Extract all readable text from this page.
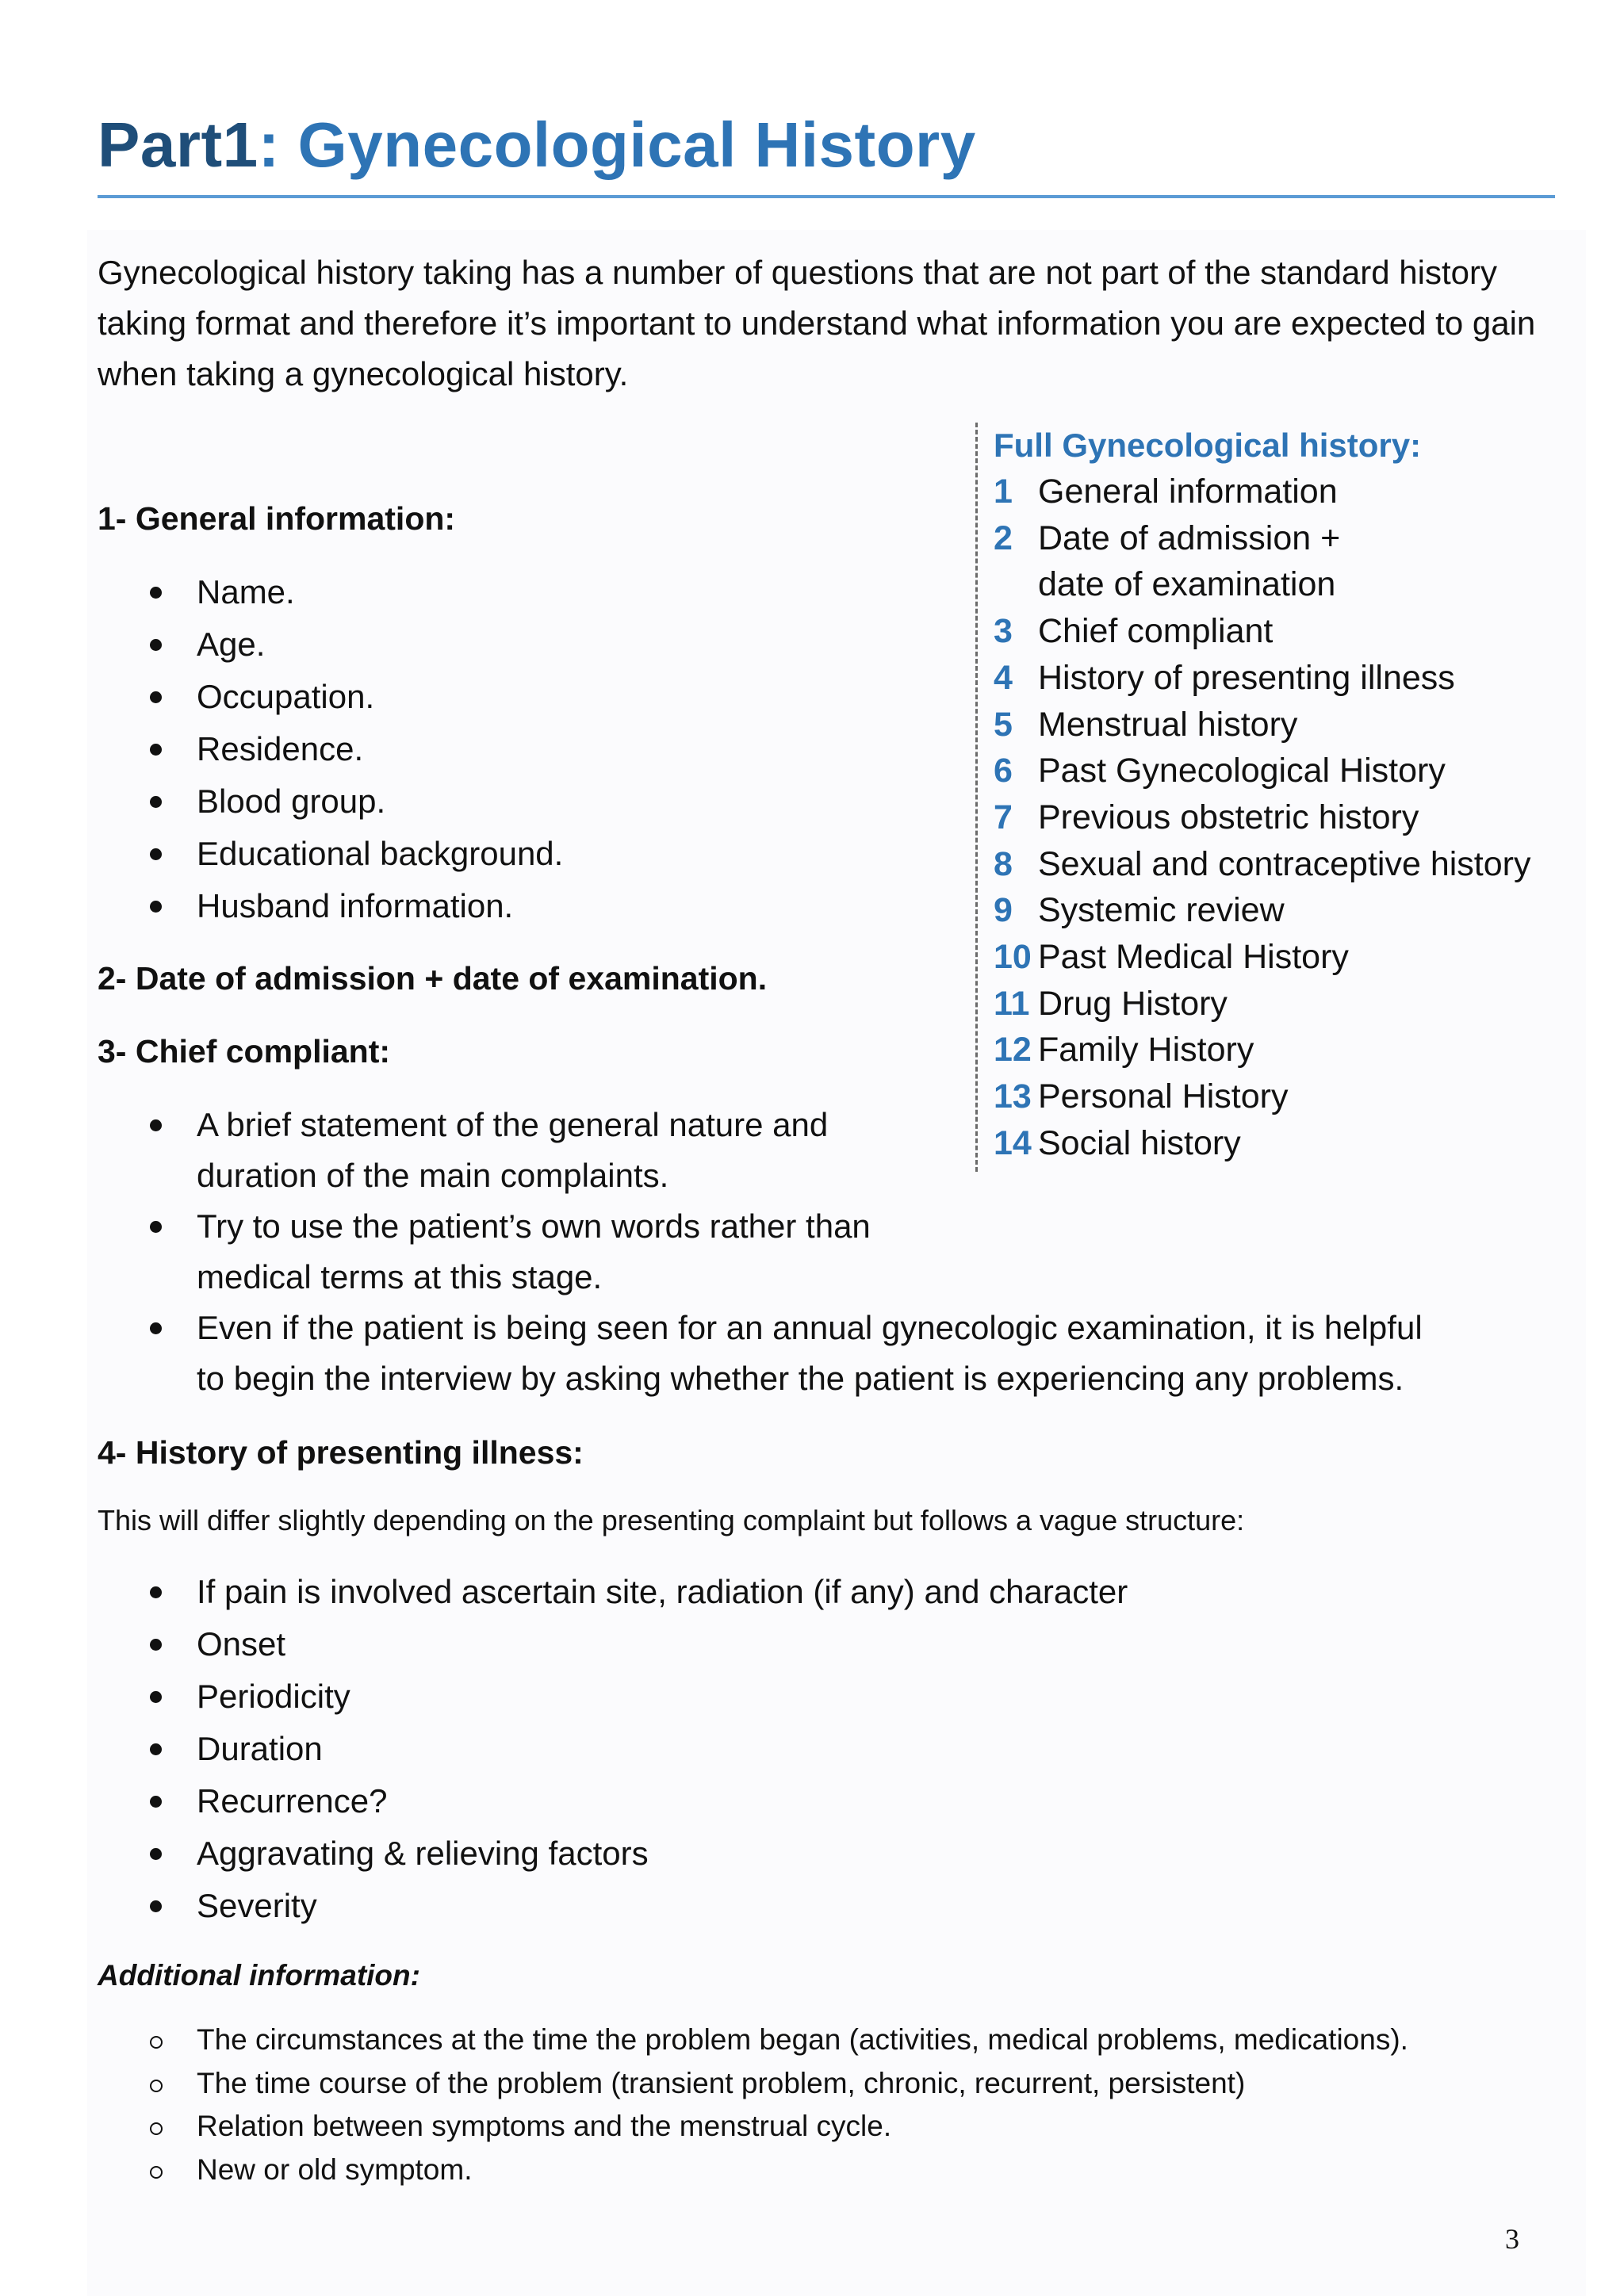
Part1: Gynecological History

Gynecological history taking has a number of questions that are not part of the standard history taking format and therefore it’s important to understand what information you are expected to gain when taking a gynecological history.

Full Gynecological history:

1 General information
2 Date of admission +
date of examination
3 Chief compliant
4 History of presenting illness
5 Menstrual history
6 Past Gynecological History
7 Previous obstetric history
8 Sexual and contraceptive history
9 Systemic review
10 Past Medical History
11 Drug History
12 Family History
13 Personal History
14 Social history
1- General information:
Name.
Age.
Occupation.
Residence.
Blood group.
Educational background.
Husband information.
2- Date of admission + date of examination.
3- Chief compliant:
A brief statement of the general nature and
duration of the main complaints.
Try to use the patient’s own words rather than
medical terms at this stage.
Even if the patient is being seen for an annual gynecologic examination, it is helpful
to begin the interview by asking whether the patient is experiencing any problems.
4- History of presenting illness:

This will differ slightly depending on the presenting complaint but follows a vague structure:

If pain is involved ascertain site, radiation (if any) and character
Onset
Periodicity
Duration
Recurrence?
Aggravating & relieving factors
Severity

Additional information:

The circumstances at the time the problem began (activities, medical problems, medications).
The time course of the problem (transient problem, chronic, recurrent, persistent)
Relation between symptoms and the menstrual cycle.
New or old symptom.
3
